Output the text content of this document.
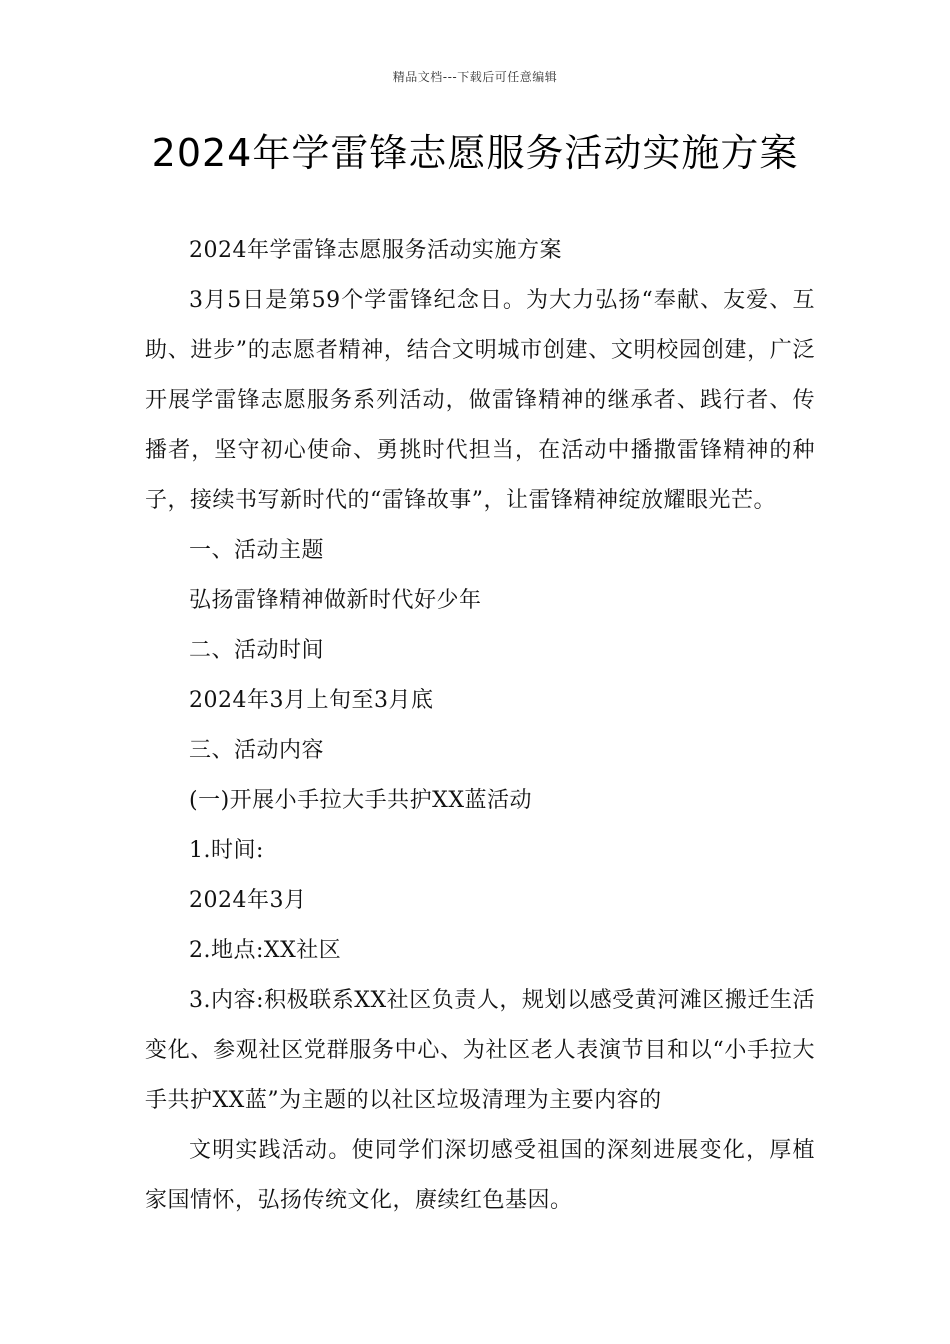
精品文档---下载后可任意编辑
2024年学雷锋志愿服务活动实施方案

2024年学雷锋志愿服务活动实施方案

3月5日是第59个学雷锋纪念日。为大力弘扬“奉献、友爱、互助、进步”的志愿者精神，结合文明城市创建、文明校园创建，广泛开展学雷锋志愿服务系列活动，做雷锋精神的继承者、践行者、传播者，坚守初心使命、勇挑时代担当，在活动中播撒雷锋精神的种子，接续书写新时代的“雷锋故事”，让雷锋精神绽放耀眼光芒。

一、活动主题

弘扬雷锋精神做新时代好少年

二、活动时间

2024年3月上旬至3月底

三、活动内容

(一)开展小手拉大手共护XX蓝活动

1.时间:

2024年3月

2.地点:XX社区

3.内容:积极联系XX社区负责人，规划以感受黄河滩区搬迁生活变化、参观社区党群服务中心、为社区老人表演节目和以“小手拉大手共护XX蓝”为主题的以社区垃圾清理为主要内容的

文明实践活动。使同学们深切感受祖国的深刻进展变化，厚植家国情怀，弘扬传统文化，赓续红色基因。
